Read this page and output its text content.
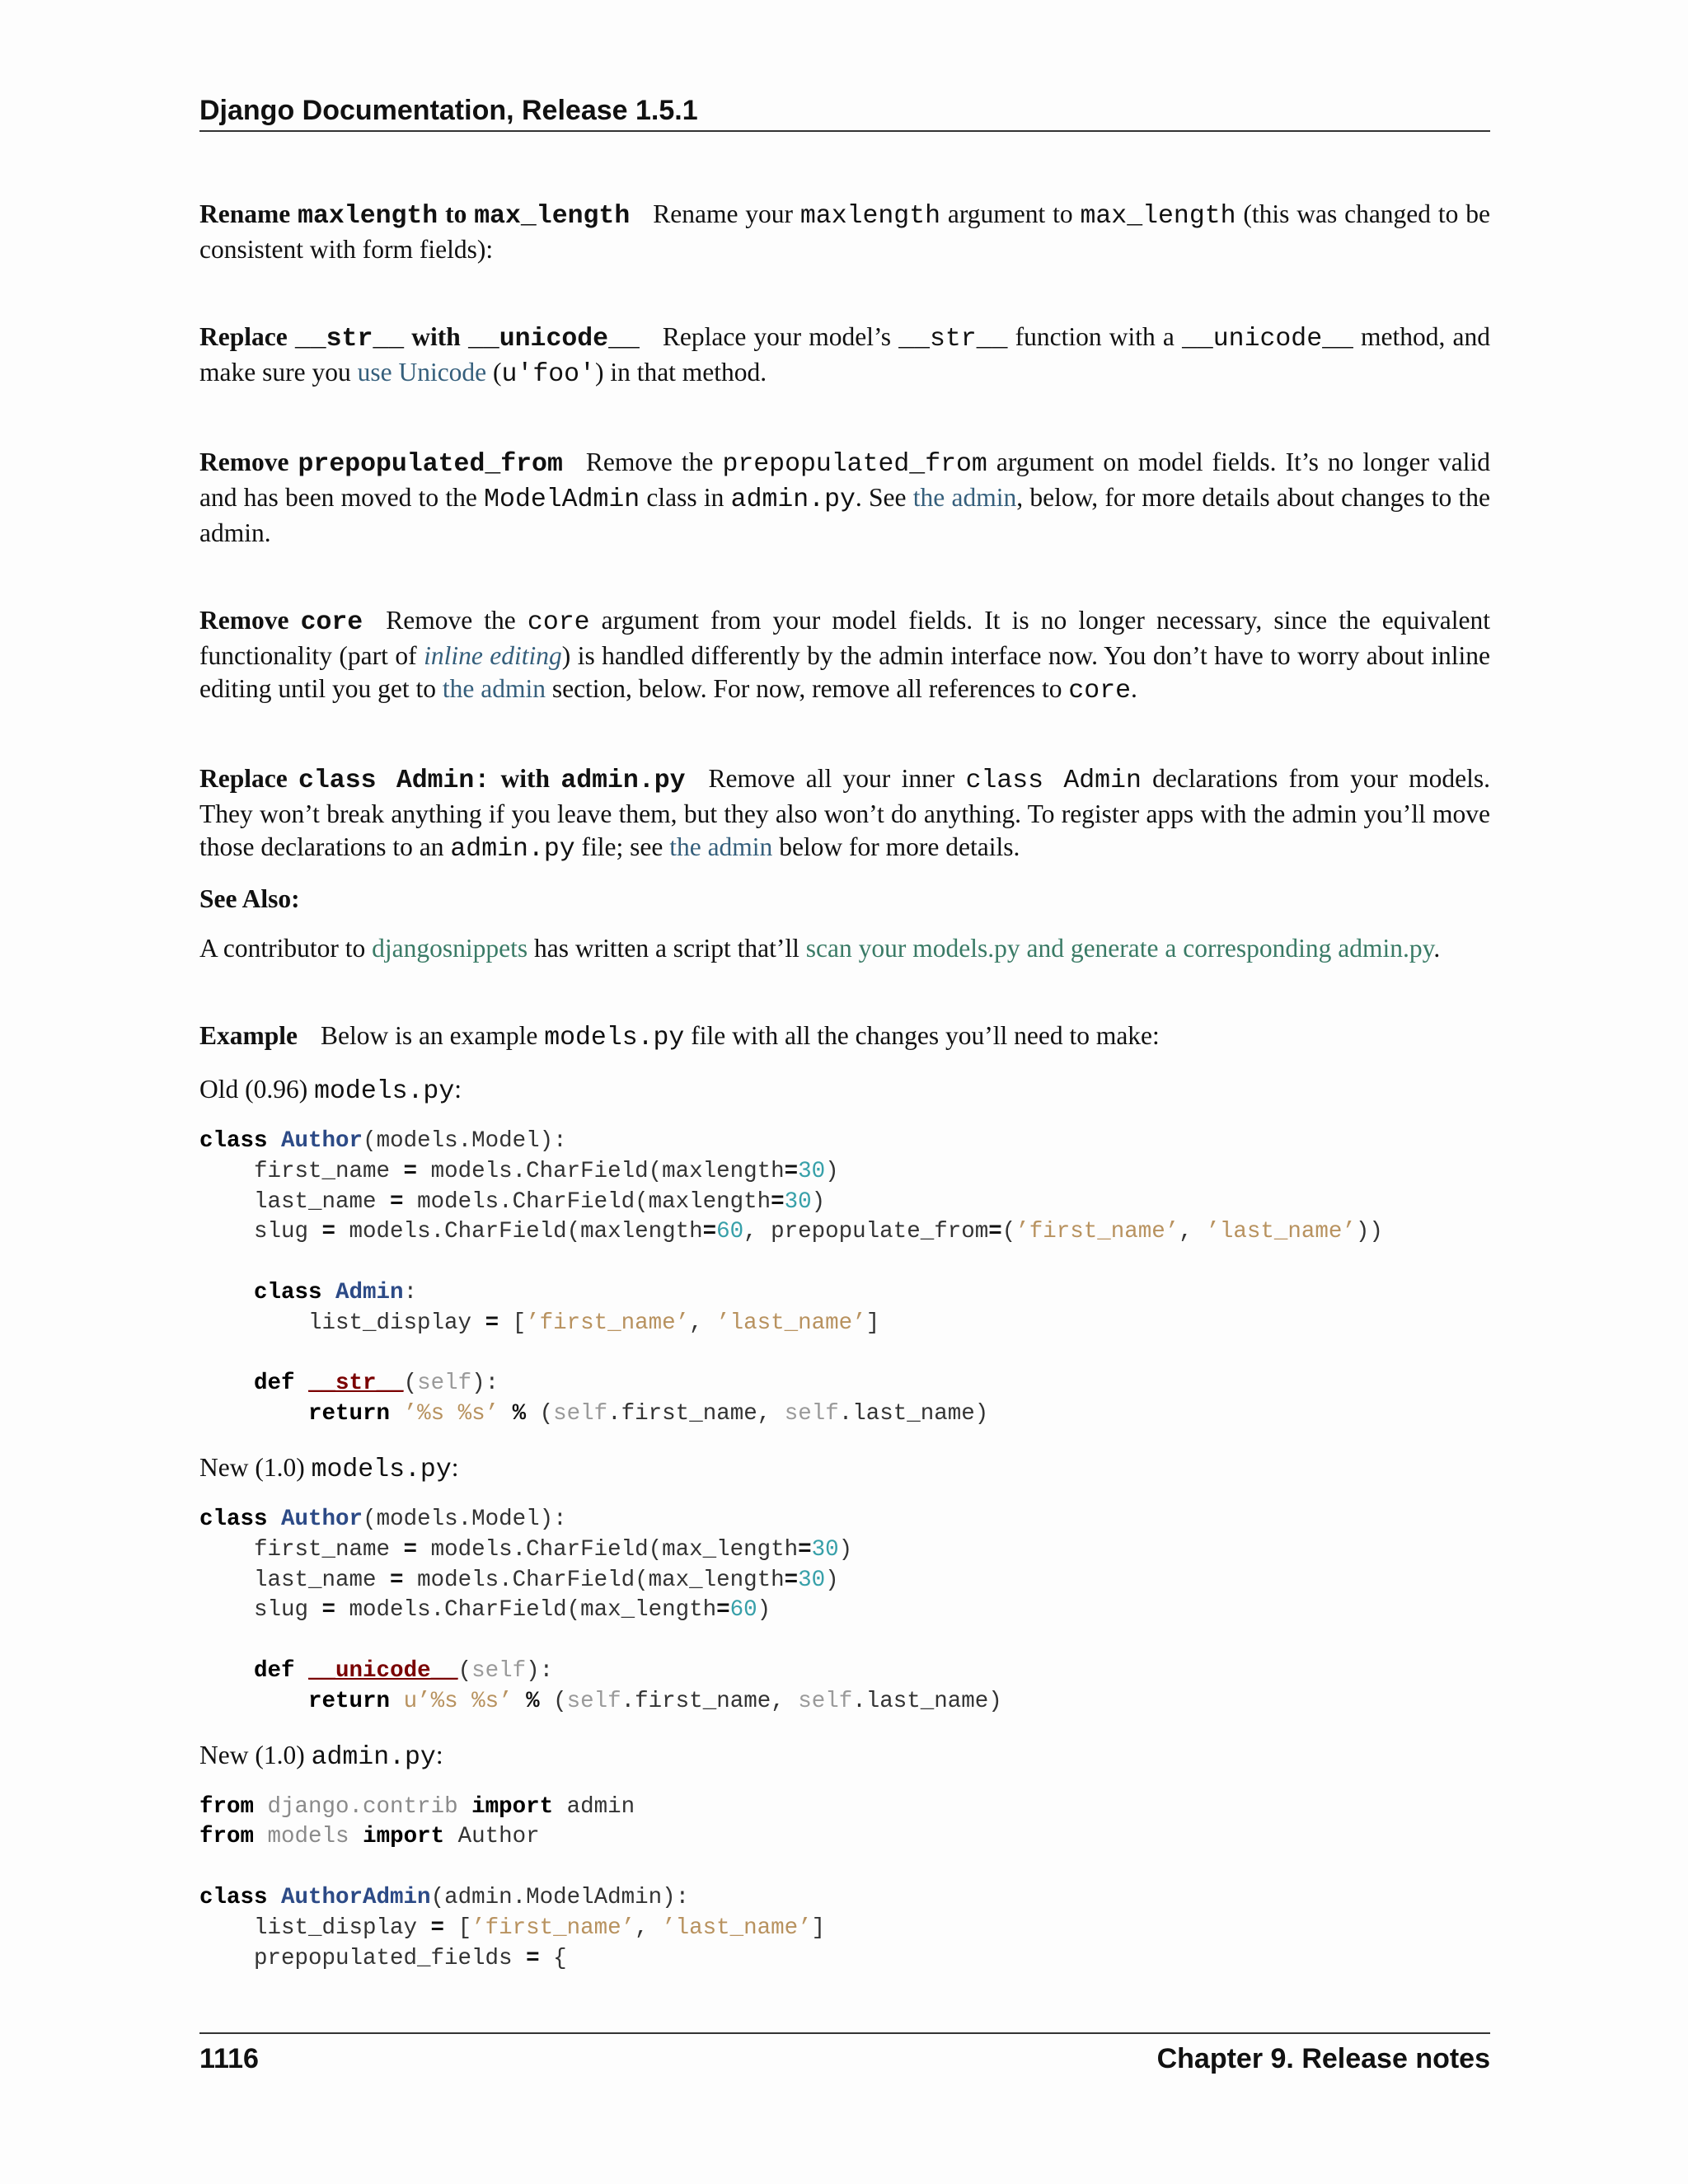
Django Documentation, Release 1.5.1

Rename maxlength to max_length Rename your maxlength argument to max_length (this was changed to be consistent with form fields):

Replace __str__ with __unicode__ Replace your model’s __str__ function with a __unicode__ method, and make sure you use Unicode (u'foo') in that method.

Remove prepopulated_from Remove the prepopulated_from argument on model fields. It’s no longer valid and has been moved to the ModelAdmin class in admin.py. See the admin, below, for more details about changes to the admin.

Remove core Remove the core argument from your model fields. It is no longer necessary, since the equivalent functionality (part of inline editing) is handled differently by the admin interface now. You don’t have to worry about inline editing until you get to the admin section, below. For now, remove all references to core.

Replace class Admin: with admin.py Remove all your inner class Admin declarations from your models. They won’t break anything if you leave them, but they also won’t do anything. To register apps with the admin you’ll move those declarations to an admin.py file; see the admin below for more details.

See Also:

A contributor to djangosnippets has written a script that’ll scan your models.py and generate a corresponding admin.py.

Example Below is an example models.py file with all the changes you’ll need to make:

Old (0.96) models.py:

class Author(models.Model):
first_name = models.CharField(maxlength=30)
last_name = models.CharField(maxlength=30)
slug = models.CharField(maxlength=60, prepopulate_from=(’first_name’, ’last_name’))

class Admin:
list_display = [’first_name’, ’last_name’]

def __str__(self):
return ’%s %s’ % (self.first_name, self.last_name)

New (1.0) models.py:

class Author(models.Model):
first_name = models.CharField(max_length=30)
last_name = models.CharField(max_length=30)
slug = models.CharField(max_length=60)

def __unicode__(self):
return u’%s %s’ % (self.first_name, self.last_name)

New (1.0) admin.py:

from django.contrib import admin
from models import Author

class AuthorAdmin(admin.ModelAdmin):
list_display = [’first_name’, ’last_name’]
prepopulated_fields = {
1116	Chapter 9. Release notes
